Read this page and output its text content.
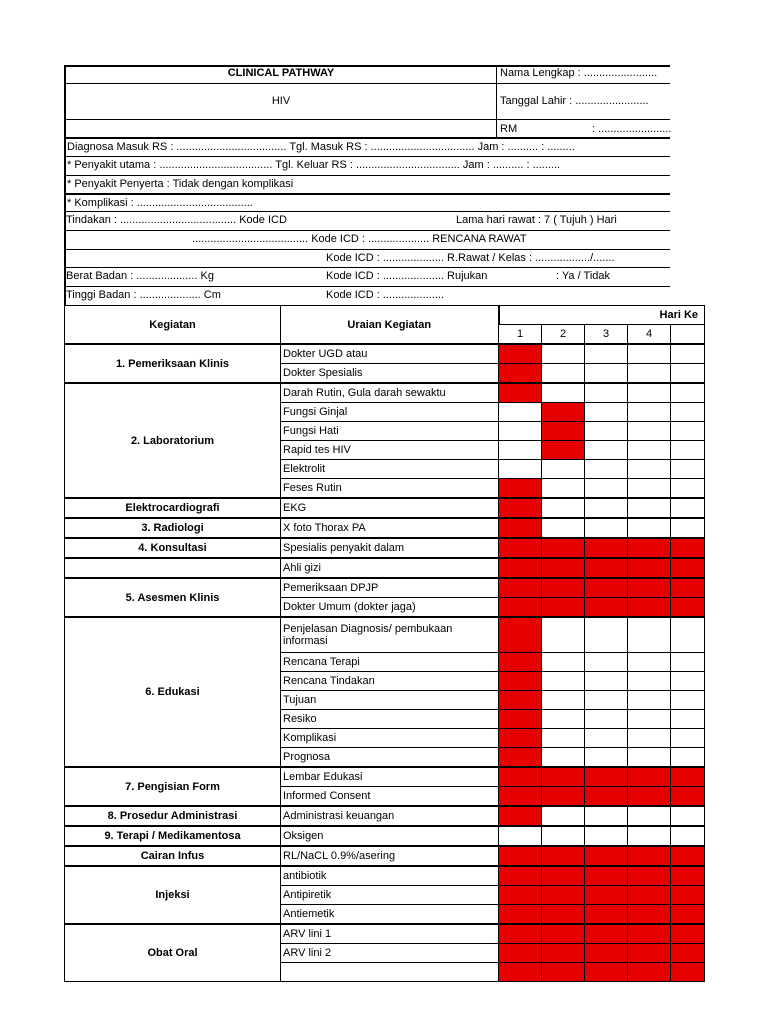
CLINICAL PATHWAY
HIV
Nama Lengkap : ........................
Tanggal Lahir : ........................
RM	: ........................
Diagnosa Masuk RS : .................................... Tgl. Masuk RS : .................................. Jam : .......... : .........
* Penyakit utama : ..................................... Tgl. Keluar RS : .................................. Jam : .......... : .........
* Penyakit Penyerta : Tidak dengan komplikasi
* Komplikasi : ......................................
Tindakan : ...................................... Kode ICD	Lama hari rawat : 7 ( Tujuh ) Hari
...................................... Kode ICD : .................... RENCANA RAWAT
Kode ICD : .................... R.Rawat / Kelas : ................../.......
Berat Badan : .................... Kg	Kode ICD : .................... Rujukan	: Ya / Tidak
Tinggi Badan : .................... Cm	Kode ICD : ....................
Kegiatan	Uraian Kegiatan	Hari Ke				
		1	2	3	4	
1. Pemeriksaan Klinis	Dokter UGD atau					
	Dokter Spesialis					
2. Laboratorium	Darah Rutin, Gula darah sewaktu					
	Fungsi Ginjal					
	Fungsi Hati					
	Rapid tes HIV					
	Elektrolit					
	Feses Rutin					
Elektrocardiografi	EKG					
3. Radiologi	X foto Thorax PA					
4. Konsultasi	Spesialis penyakit dalam					
	Ahli gizi					
5. Asesmen Klinis	Pemeriksaan DPJP					
	Dokter Umum (dokter jaga)					
6. Edukasi	Penjelasan Diagnosis/ pembukaan informasi					
	Rencana Terapi					
	Rencana Tindakan					
	Tujuan					
	Resiko					
	Komplikasi					
	Prognosa					
7. Pengisian Form	Lembar Edukasi					
	Informed Consent					
8. Prosedur Administrasi	Administrasi keuangan					
9. Terapi / Medikamentosa	Oksigen					
Cairan Infus	RL/NaCL 0.9%/asering					
Injeksi	antibiotik					
	Antipiretik					
	Antiemetik					
Obat Oral	ARV lini 1					
	ARV lini 2					
